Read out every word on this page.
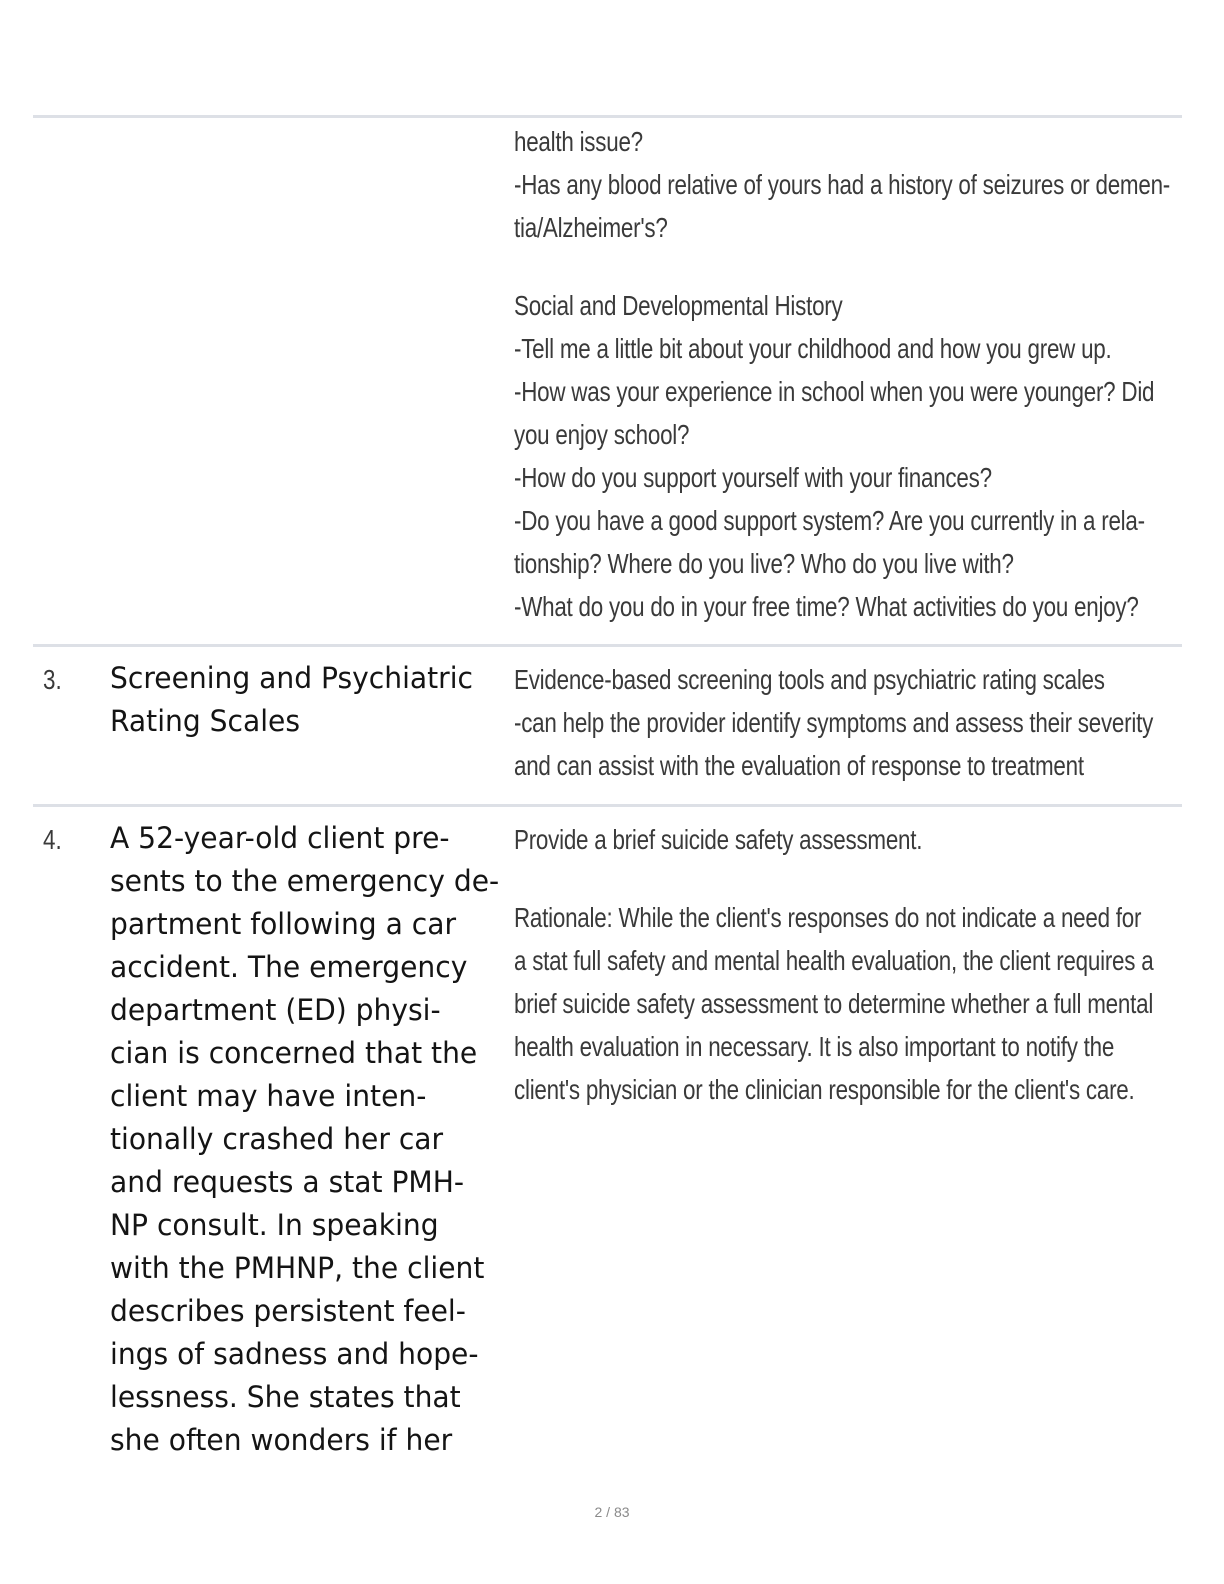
health issue?
-Has any blood relative of yours had a history of seizures or demen-
tia/Alzheimer's?
Social and Developmental History
-Tell me a little bit about your childhood and how you grew up.
-How was your experience in school when you were younger? Did
you enjoy school?
-How do you support yourself with your finances?
-Do you have a good support system? Are you currently in a rela-
tionship? Where do you live? Who do you live with?
-What do you do in your free time? What activities do you enjoy?
3. Screening and Psychiatric
Rating Scales
Evidence-based screening tools and psychiatric rating scales
-can help the provider identify symptoms and assess their severity
and can assist with the evaluation of response to treatment
4. A 52-year-old client pre-
sents to the emergency de-
partment following a car
accident. The emergency
department (ED) physi-
cian is concerned that the
client may have inten-
tionally crashed her car
and requests a stat PMH-
NP consult. In speaking
with the PMHNP, the client
describes persistent feel-
ings of sadness and hope-
lessness. She states that
she often wonders if her
Provide a brief suicide safety assessment.
Rationale: While the client's responses do not indicate a need for
a stat full safety and mental health evaluation, the client requires a
brief suicide safety assessment to determine whether a full mental
health evaluation in necessary. It is also important to notify the
client's physician or the clinician responsible for the client's care.
2 / 83
